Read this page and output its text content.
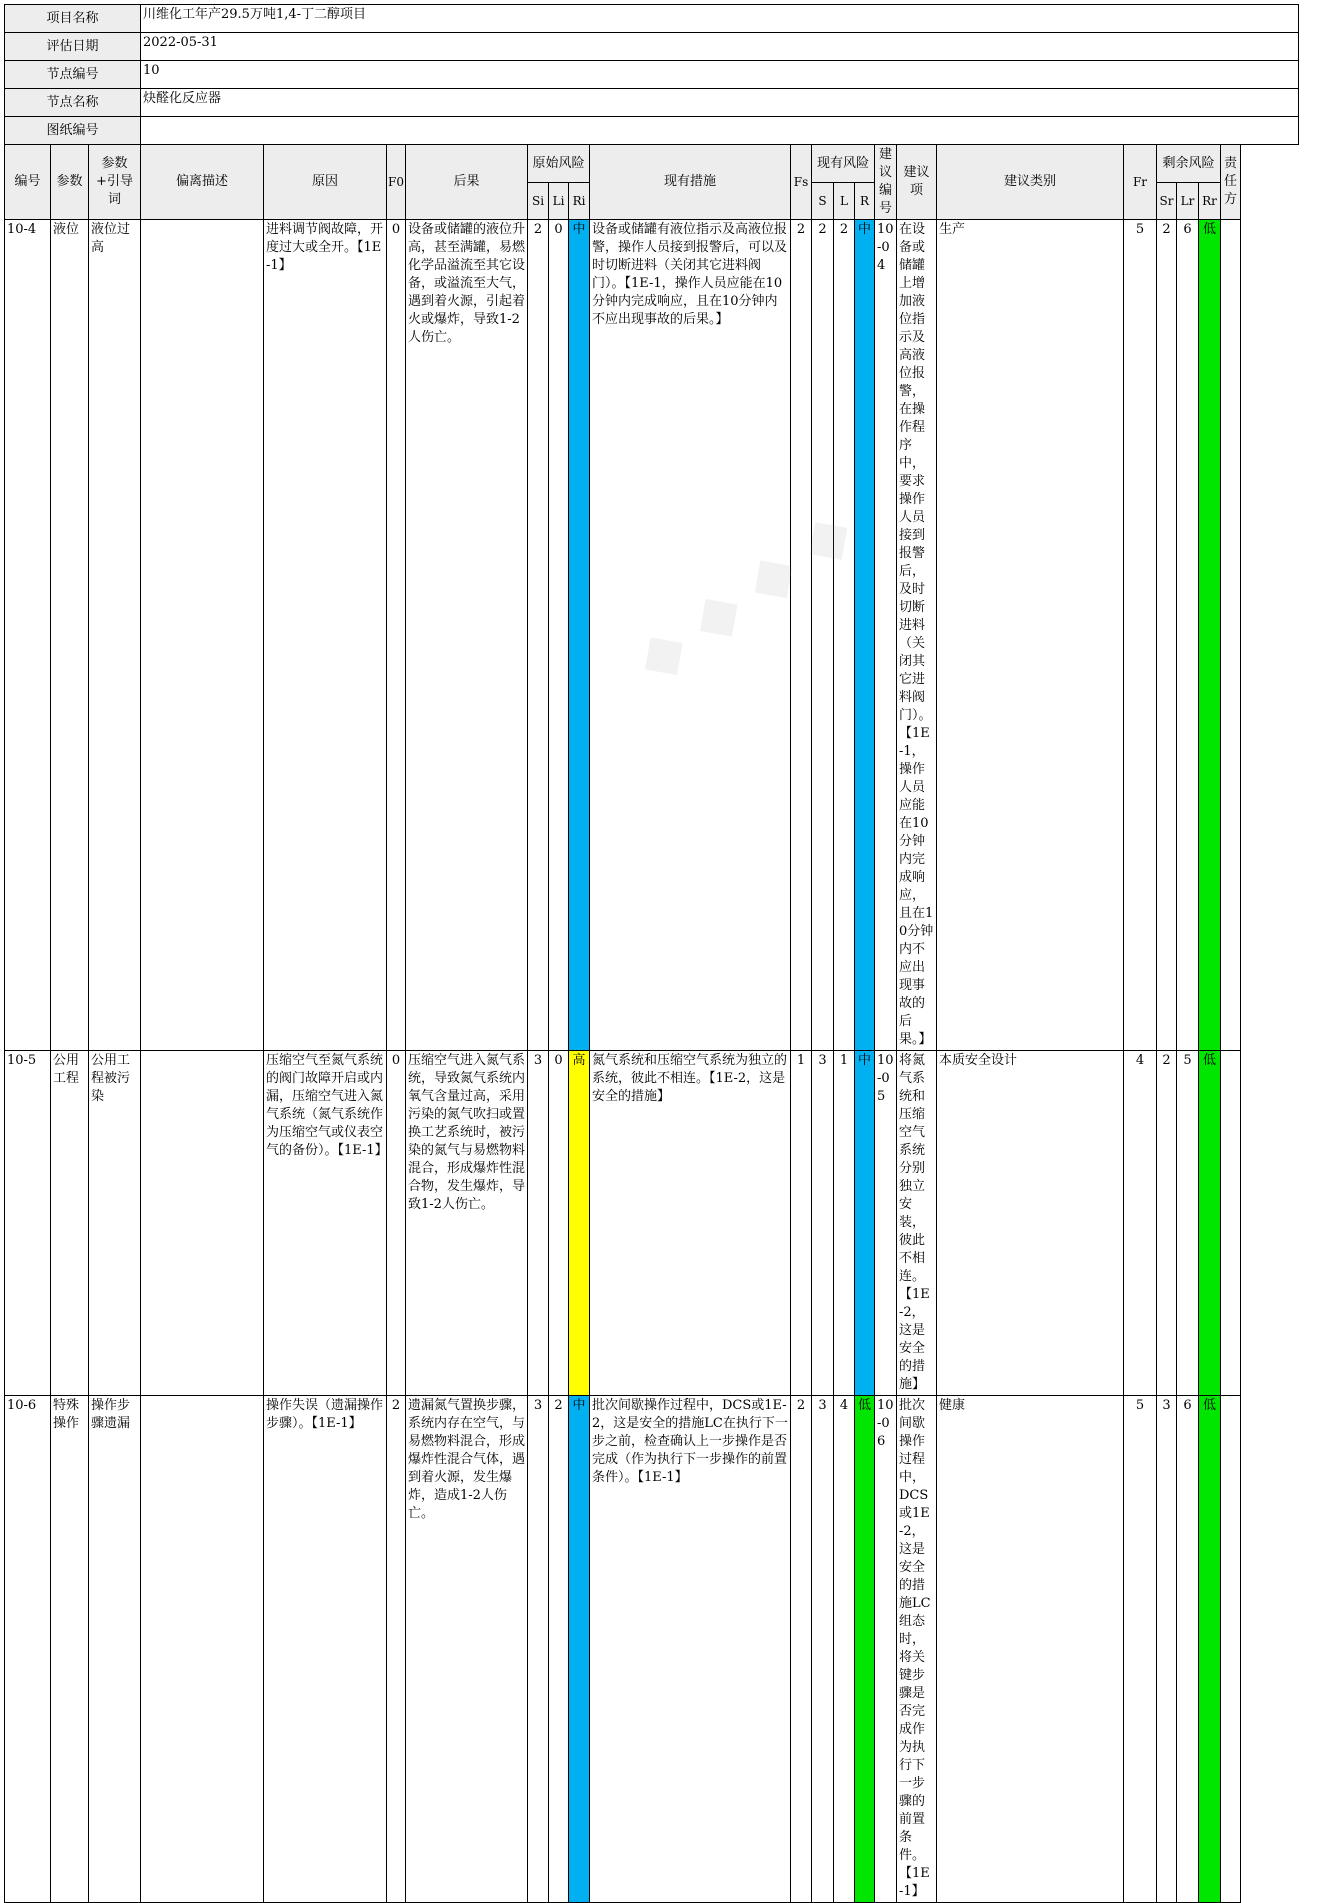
项目名称			川维化工年产29.5万吨1,4-丁二醇项目																			
评估日期			2022-05-31																			
节点编号			10																			
节点名称			炔醛化反应器																			
图纸编号																						
编号	参数	参数+引导词	偏离描述	原因	F0	后果	原始风险			现有措施	Fs	现有风险			建议编号	建议项	建议类别	Fr	剩余风险			责任方
							Si	Li	Ri			S	L	R					Sr	Lr	Rr	
10-4	液位	液位过高		进料调节阀故障，开度过大或全开。【1E-1】	0	设备或储罐的液位升高，甚至满罐，易燃化学品溢流至其它设备，或溢流至大气，遇到着火源，引起着火或爆炸，导致1-2人伤亡。	2	0	中	设备或储罐有液位指示及高液位报警，操作人员接到报警后，可以及时切断进料（关闭其它进料阀门）。【1E-1，操作人员应能在10分钟内完成响应，且在10分钟内不应出现事故的后果。】	2	2	2	中	10-04	在设备或储罐上增加液位指示及高液位报警，在操作程序中，要求操作人员接到报警后，及时切断进料（关闭其它进料阀门）。【1E-1，操作人员应能在10分钟内完成响应，且在10分钟内不应出现事故的后果。】	生产	5	2	6	低	
10-5	公用工程	公用工程被污染		压缩空气至氮气系统的阀门故障开启或内漏，压缩空气进入氮气系统（氮气系统作为压缩空气或仪表空气的备份）。【1E-1】	0	压缩空气进入氮气系统，导致氮气系统内氧气含量过高，采用污染的氮气吹扫或置换工艺系统时，被污染的氮气与易燃物料混合，形成爆炸性混合物，发生爆炸，导致1-2人伤亡。	3	0	高	氮气系统和压缩空气系统为独立的系统，彼此不相连。【1E-2，这是安全的措施】	1	3	1	中	10-05	将氮气系统和压缩空气系统分别独立安装，彼此不相连。【1E-2，这是安全的措施】	本质安全设计	4	2	5	低	
10-6	特殊操作	操作步骤遗漏		操作失误（遗漏操作步骤）。【1E-1】	2	遗漏氮气置换步骤，系统内存在空气，与易燃物料混合，形成爆炸性混合气体，遇到着火源，发生爆炸，造成1-2人伤亡。	3	2	中	批次间歇操作过程中，DCS或1E-2，这是安全的措施LC在执行下一步之前，检查确认上一步操作是否完成（作为执行下一步操作的前置条件）。【1E-1】	2	3	4	低	10-06	批次间歇操作过程中，DCS或1E-2，这是安全的措施LC组态时，将关键步骤是否完成作为执行下一步骤的前置条件。【1E-1】	健康	5	3	6	低	
◆ ◆ ◆ ◆
